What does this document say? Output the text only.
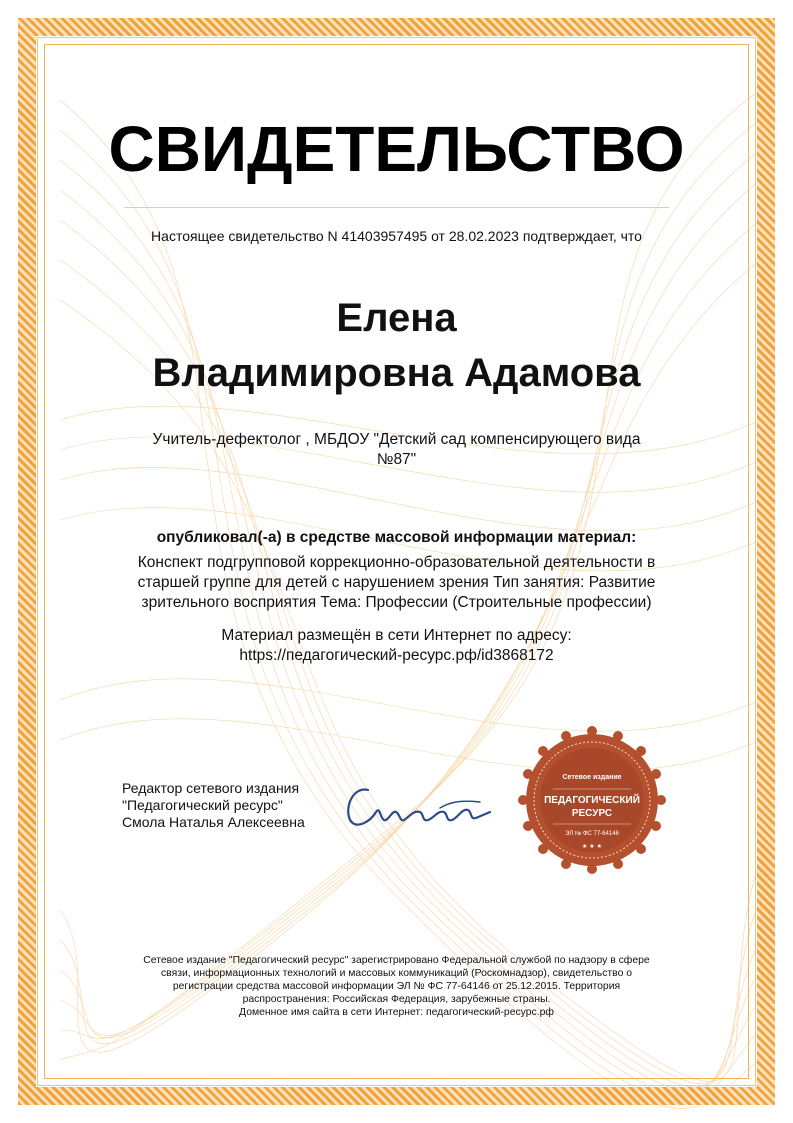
СВИДЕТЕЛЬСТВО
Настоящее свидетельство N 41403957495 от 28.02.2023 подтверждает, что
Елена
Владимировна Адамова
Учитель-дефектолог , МБДОУ "Детский сад компенсирующего вида
№87"
опубликовал(-а) в средстве массовой информации материал:
Конспект подгрупповой коррекционно-образовательной деятельности в
старшей группе для детей с нарушением зрения Тип занятия: Развитие
зрительного восприятия Тема: Профессии (Строительные профессии)
Материал размещён в сети Интернет по адресу:
https://педагогический-ресурс.рф/id3868172
Редактор сетевого издания
"Педагогический ресурс"
Смола Наталья Алексеевна
Сетевое издание
ПЕДАГОГИЧЕСКИЙ
РЕСУРС
ЭЛ № ФС 77-64146
★ ★ ★
Сетевое издание "Педагогический ресурс" зарегистрировано Федеральной службой по надзору в сфере
связи, информационных технологий и массовых коммуникаций (Роскомнадзор), свидетельство о
регистрации средства массовой информации ЭЛ № ФС 77-64146 от 25.12.2015. Территория
распространения: Российская Федерация, зарубежные страны.
Доменное имя сайта в сети Интернет: педагогический-ресурс.рф
